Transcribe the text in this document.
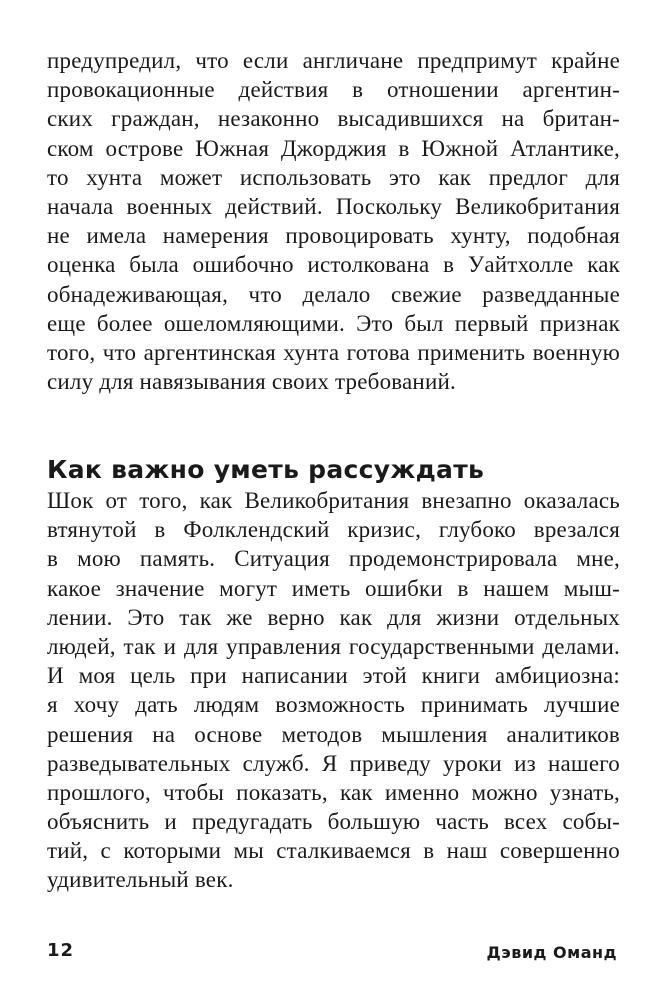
предупредил, что если англичане предпримут крайне
провокационные действия в отношении аргентин-
ских граждан, незаконно высадившихся на британ-
ском острове Южная Джорджия в Южной Атлантике,
то хунта может использовать это как предлог для
начала военных действий. Поскольку Великобритания
не имела намерения провоцировать хунту, подобная
оценка была ошибочно истолкована в Уайтхолле как
обнадеживающая, что делало свежие разведданные
еще более ошеломляющими. Это был первый признак
того, что аргентинская хунта готова применить военную
силу для навязывания своих требований.
Как важно уметь рассуждать
Шок от того, как Великобритания внезапно оказалась
втянутой в Фолклендский кризис, глубоко врезался
в мою память. Ситуация продемонстрировала мне,
какое значение могут иметь ошибки в нашем мыш-
лении. Это так же верно как для жизни отдельных
людей, так и для управления государственными делами.
И моя цель при написании этой книги амбициозна:
я хочу дать людям возможность принимать лучшие
решения на основе методов мышления аналитиков
разведывательных служб. Я приведу уроки из нашего
прошлого, чтобы показать, как именно можно узнать,
объяснить и предугадать большую часть всех собы-
тий, с которыми мы сталкиваемся в наш совершенно
удивительный век.
12	Дэвид Оманд
